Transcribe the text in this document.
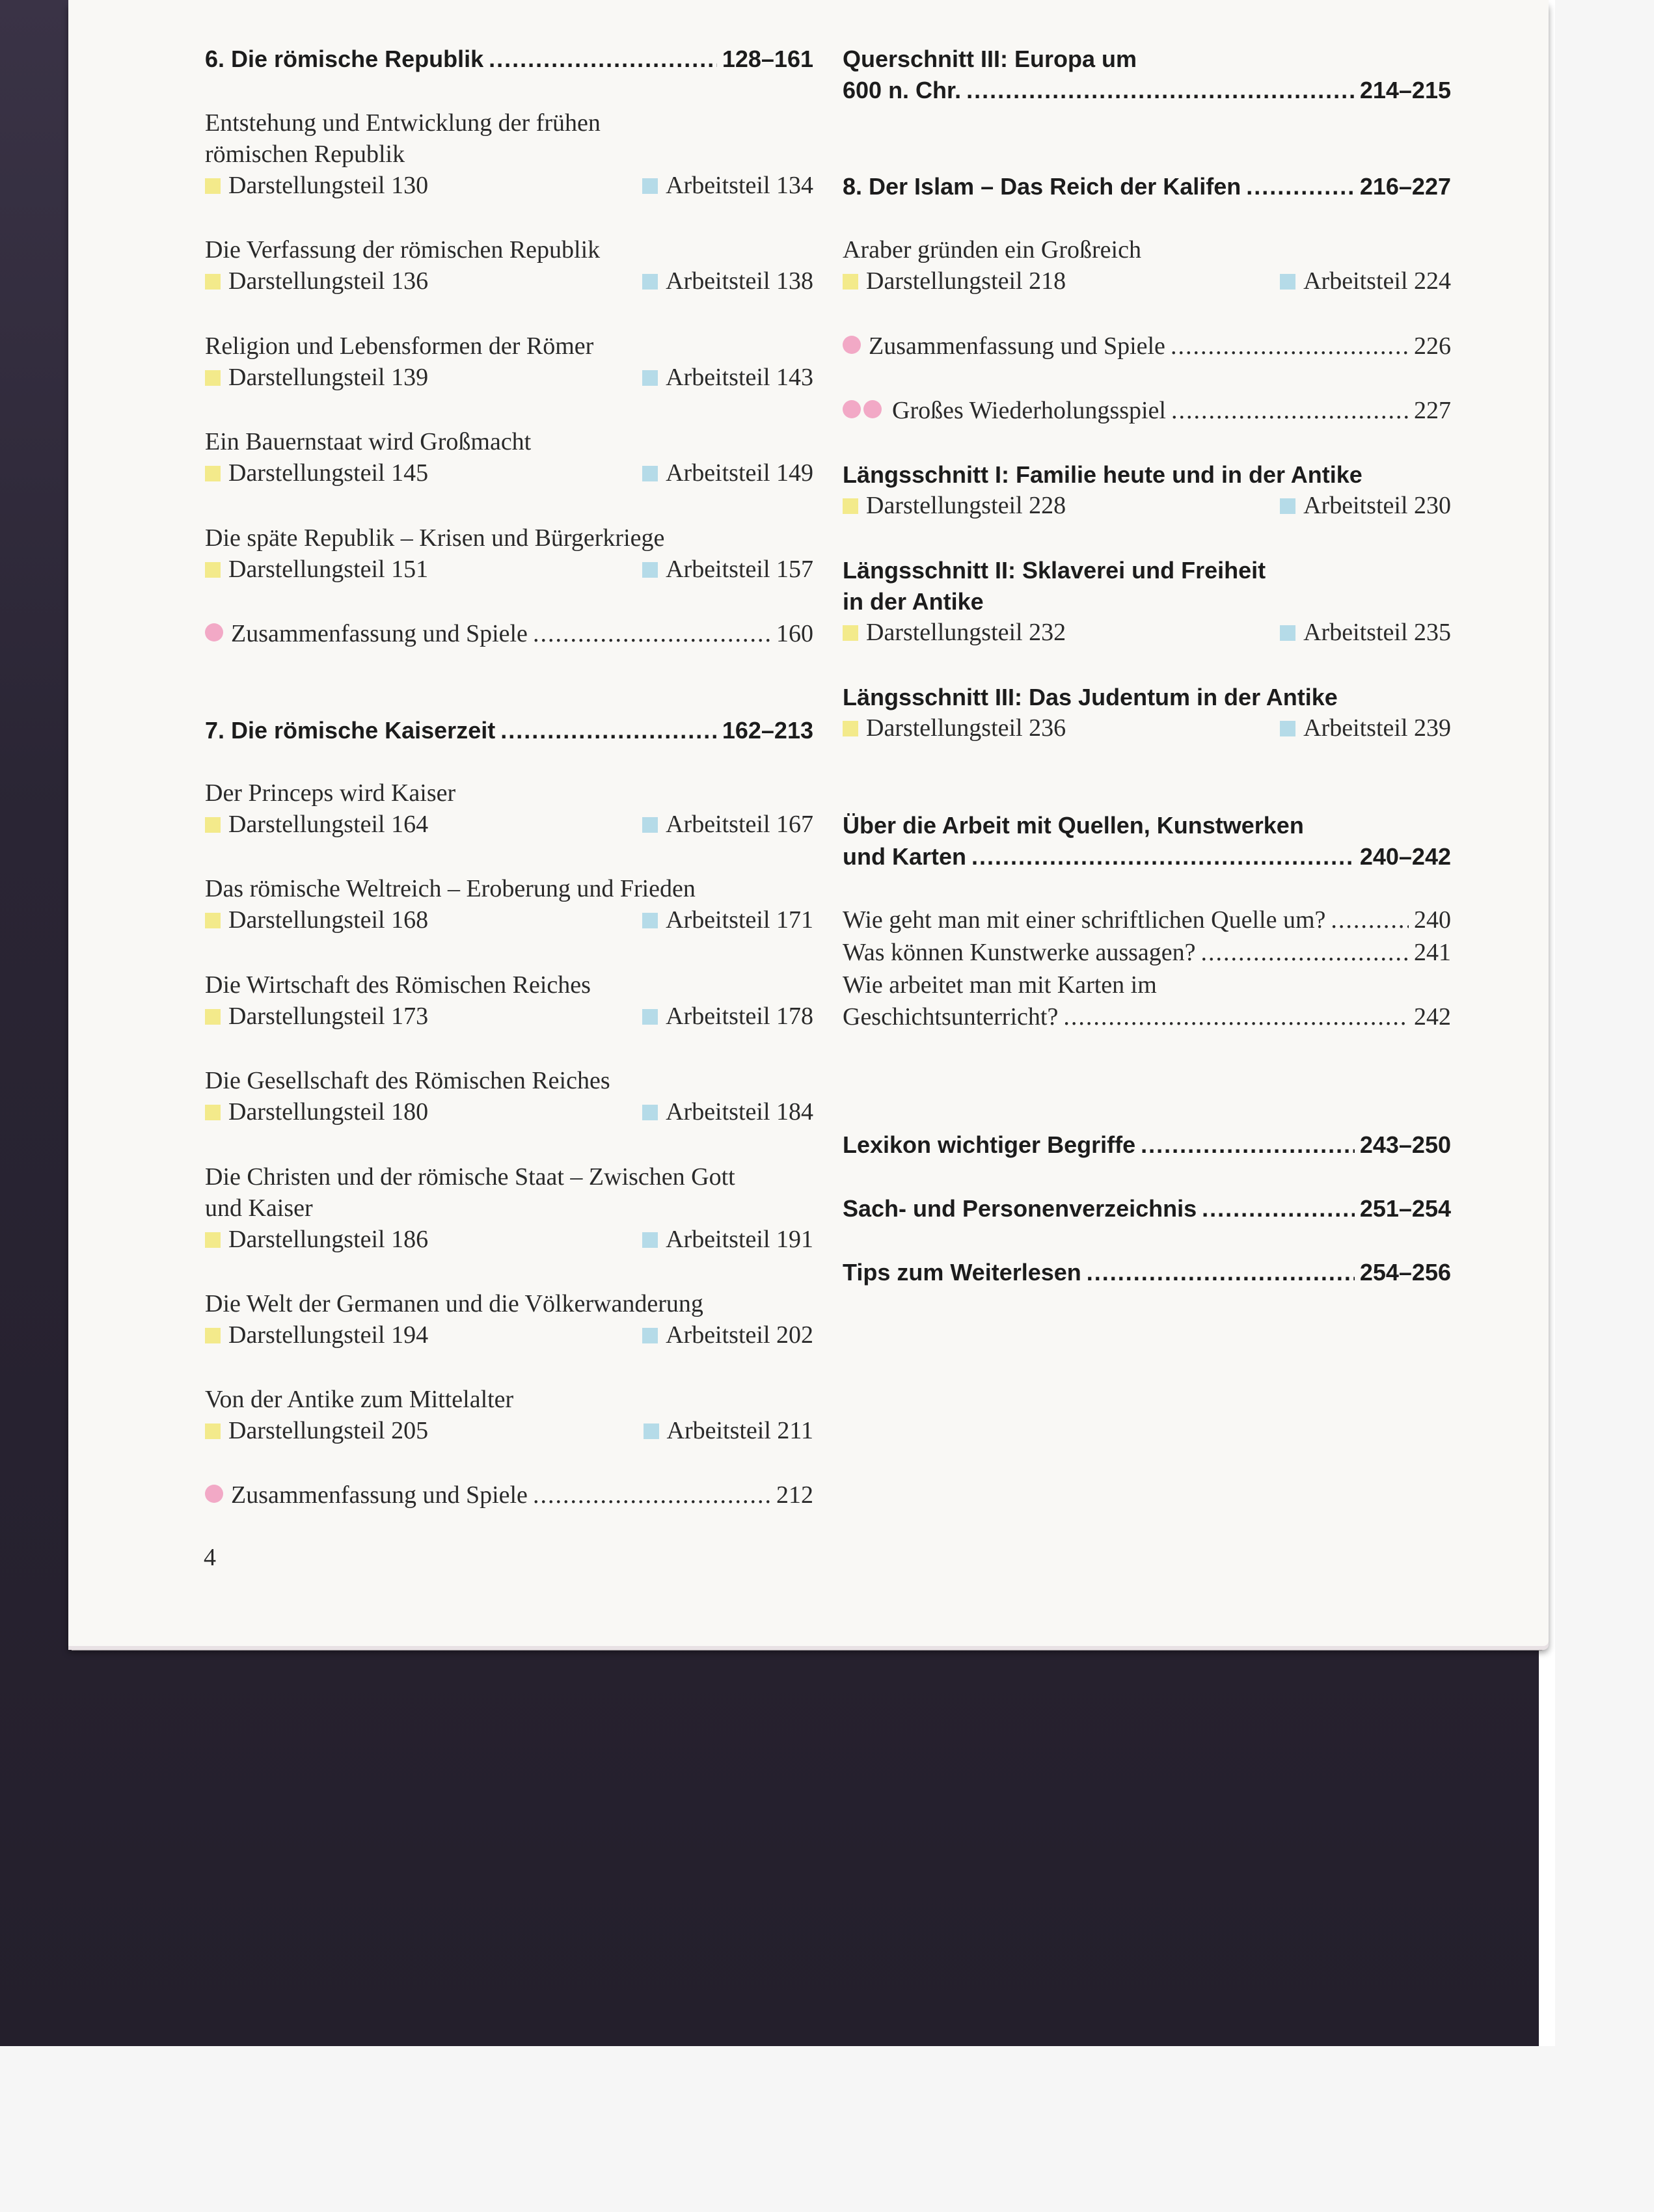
6. Die römische Republik .....	128–161
Entstehung und Entwicklung der frühen
römischen Republik
Darstellungsteil 130	Arbeitsteil 134
Die Verfassung der römischen Republik
Darstellungsteil 136	Arbeitsteil 138
Religion und Lebensformen der Römer
Darstellungsteil 139	Arbeitsteil 143
Ein Bauernstaat wird Großmacht
Darstellungsteil 145	Arbeitsteil 149
Die späte Republik – Krisen und Bürgerkriege
Darstellungsteil 151	Arbeitsteil 157
Zusammenfassung und Spiele .....	160
7. Die römische Kaiserzeit .....	162–213
Der Princeps wird Kaiser
Darstellungsteil 164	Arbeitsteil 167
Das römische Weltreich – Eroberung und Frieden
Darstellungsteil 168	Arbeitsteil 171
Die Wirtschaft des Römischen Reiches
Darstellungsteil 173	Arbeitsteil 178
Die Gesellschaft des Römischen Reiches
Darstellungsteil 180	Arbeitsteil 184
Die Christen und der römische Staat – Zwischen Gott
und Kaiser
Darstellungsteil 186	Arbeitsteil 191
Die Welt der Germanen und die Völkerwanderung
Darstellungsteil 194	Arbeitsteil 202
Von der Antike zum Mittelalter
Darstellungsteil 205	Arbeitsteil 211
Zusammenfassung und Spiele .....	212
Querschnitt III: Europa um
600 n. Chr. .....	214–215
8. Der Islam – Das Reich der Kalifen .....	216–227
Araber gründen ein Großreich
Darstellungsteil 218	Arbeitsteil 224
Zusammenfassung und Spiele .....	226
Großes Wiederholungsspiel .....	227
Längsschnitt I: Familie heute und in der Antike
Darstellungsteil 228	Arbeitsteil 230
Längsschnitt II: Sklaverei und Freiheit
in der Antike
Darstellungsteil 232	Arbeitsteil 235
Längsschnitt III: Das Judentum in der Antike
Darstellungsteil 236	Arbeitsteil 239
Über die Arbeit mit Quellen, Kunstwerken
und Karten .....	240–242
Wie geht man mit einer schriftlichen Quelle um? .....	240
Was können Kunstwerke aussagen? .....	241
Wie arbeitet man mit Karten im
Geschichtsunterricht? .....	242
Lexikon wichtiger Begriffe .....	243–250
Sach- und Personenverzeichnis .....	251–254
Tips zum Weiterlesen .....	254–256
4
